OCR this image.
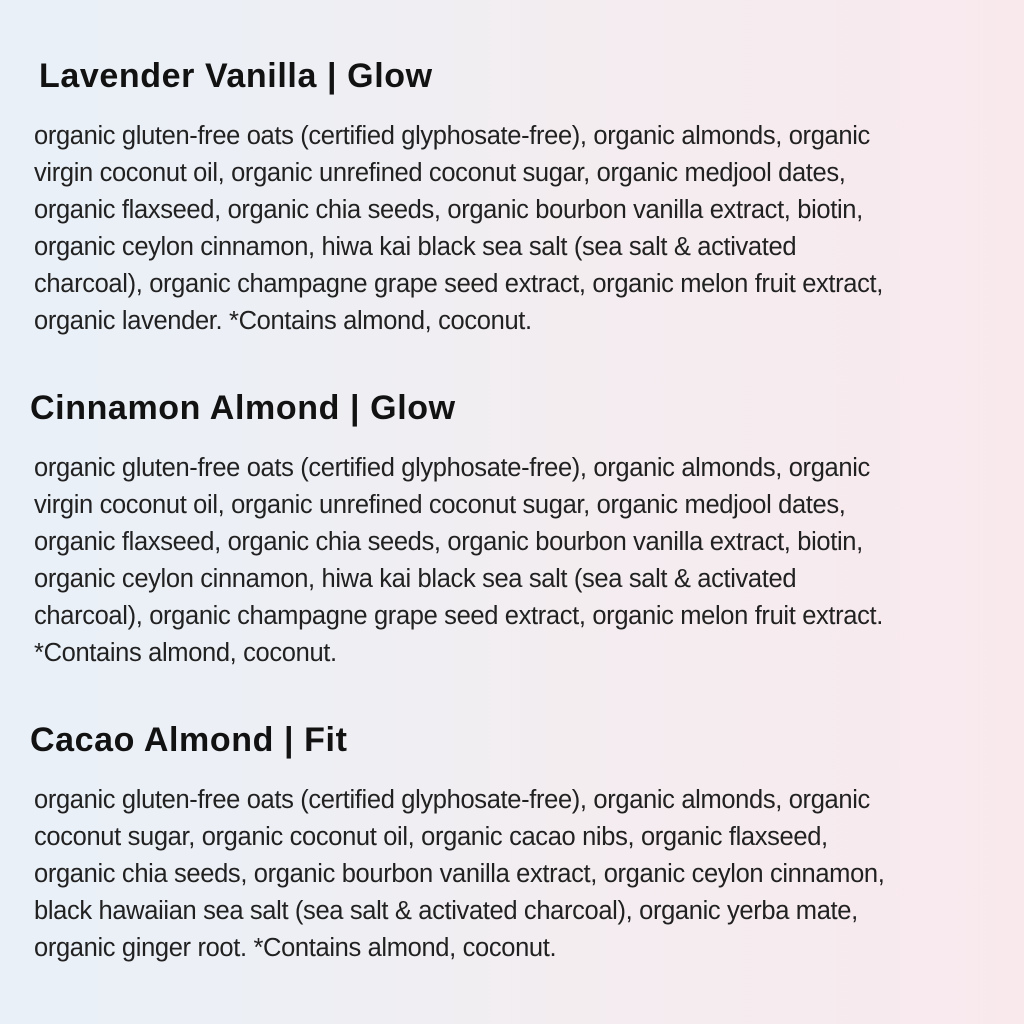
Lavender Vanilla | Glow
organic gluten-free oats (certified glyphosate-free), organic almonds, organic
virgin coconut oil, organic unrefined coconut sugar, organic medjool dates,
organic flaxseed, organic chia seeds, organic bourbon vanilla extract, biotin,
organic ceylon cinnamon, hiwa kai black sea salt (sea salt & activated
charcoal), organic champagne grape seed extract, organic melon fruit extract,
organic lavender. *Contains almond, coconut.
Cinnamon Almond | Glow
organic gluten-free oats (certified glyphosate-free), organic almonds, organic
virgin coconut oil, organic unrefined coconut sugar, organic medjool dates,
organic flaxseed, organic chia seeds, organic bourbon vanilla extract, biotin,
organic ceylon cinnamon, hiwa kai black sea salt (sea salt & activated
charcoal), organic champagne grape seed extract, organic melon fruit extract.
*Contains almond, coconut.
Cacao Almond | Fit
organic gluten-free oats (certified glyphosate-free), organic almonds, organic
coconut sugar, organic coconut oil, organic cacao nibs, organic flaxseed,
organic chia seeds, organic bourbon vanilla extract, organic ceylon cinnamon,
black hawaiian sea salt (sea salt & activated charcoal), organic yerba mate,
organic ginger root. *Contains almond, coconut.
